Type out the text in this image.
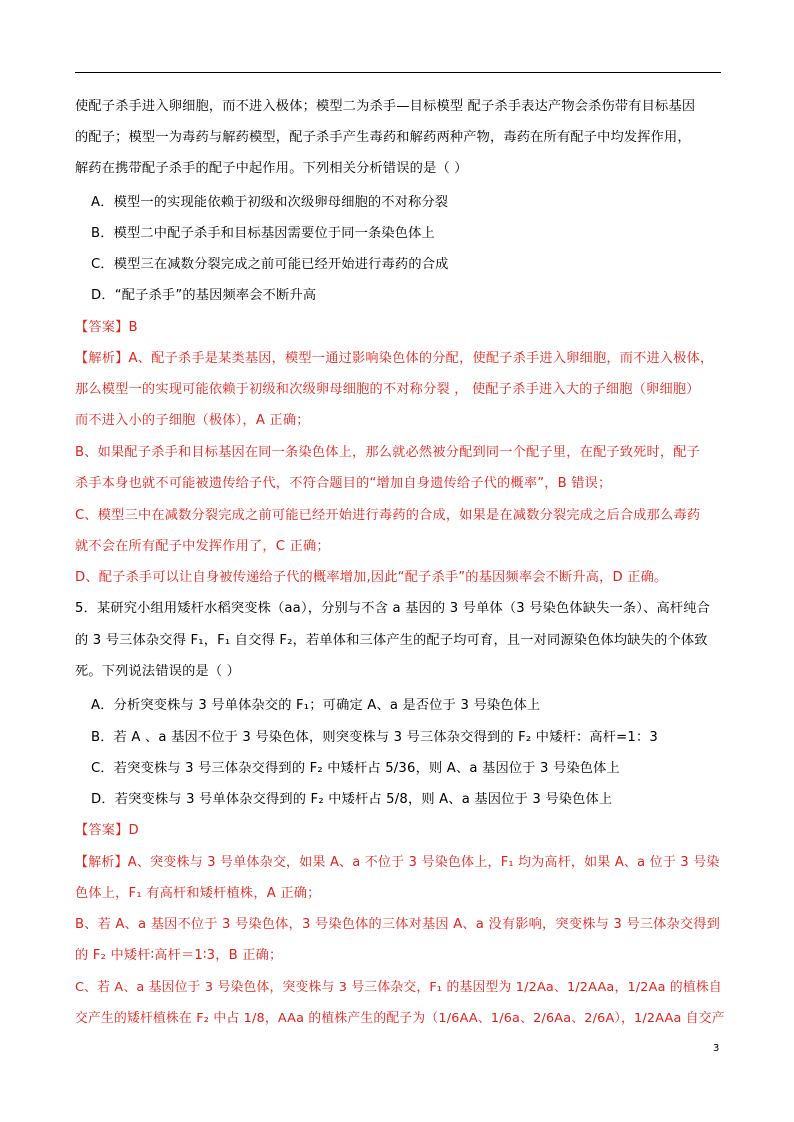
使配子杀手进入卵细胞，而不进入极体；模型二为杀手—目标模型 配子杀手表达产物会杀伤带有目标基因
的配子；模型一为毒药与解药模型，配子杀手产生毒药和解药两种产物，毒药在所有配子中均发挥作用，
解药在携带配子杀手的配子中起作用。下列相关分析错误的是（ ）
A．模型一的实现能依赖于初级和次级卵母细胞的不对称分裂
B．模型二中配子杀手和目标基因需要位于同一条染色体上
C．模型三在减数分裂完成之前可能已经开始进行毒药的合成
D．“配子杀手”的基因频率会不断升高
【答案】B
【解析】A、配子杀手是某类基因，模型一通过影响染色体的分配，使配子杀手进入卵细胞，而不进入极体，
那么模型一的实现可能依赖于初级和次级卵母细胞的不对称分裂 ， 使配子杀手进入大的子细胞（卵细胞）
而不进入小的子细胞（极体），A 正确；
B、如果配子杀手和目标基因在同一条染色体上，那么就必然被分配到同一个配子里，在配子致死时，配子
杀手本身也就不可能被遗传给子代，不符合题目的“增加自身遗传给子代的概率”，B 错误；
C、模型三中在减数分裂完成之前可能已经开始进行毒药的合成，如果是在减数分裂完成之后合成那么毒药
就不会在所有配子中发挥作用了，C 正确；
D、配子杀手可以让自身被传递给子代的概率增加,因此“配子杀手”的基因频率会不断升高，D 正确。
5．某研究小组用矮杆水稻突变株（aa），分别与不含 a 基因的 3 号单体（3 号染色体缺失一条）、高杆纯合
的 3 号三体杂交得 F₁，F₁ 自交得 F₂，若单体和三体产生的配子均可育，且一对同源染色体均缺失的个体致
死。下列说法错误的是（ ）
A．分析突变株与 3 号单体杂交的 F₁；可确定 A、a 是否位于 3 号染色体上
B．若 A 、a 基因不位于 3 号染色体，则突变株与 3 号三体杂交得到的 F₂ 中矮杆：高杆=1：3
C．若突变株与 3 号三体杂交得到的 F₂ 中矮杆占 5/36，则 A、a 基因位于 3 号染色体上
D．若突变株与 3 号单体杂交得到的 F₂ 中矮杆占 5/8，则 A、a 基因位于 3 号染色体上
【答案】D
【解析】A、突变株与 3 号单体杂交，如果 A、a 不位于 3 号染色体上，F₁ 均为高杆，如果 A、a 位于 3 号染
色体上，F₁ 有高杆和矮杆植株，A 正确；
B、若 A、a 基因不位于 3 号染色体，3 号染色体的三体对基因 A、a 没有影响，突变株与 3 号三体杂交得到
的 F₂ 中矮杆∶高杆＝1∶3，B 正确；
C、若 A、a 基因位于 3 号染色体，突变株与 3 号三体杂交，F₁ 的基因型为 1/2Aa、1/2AAa，1/2Aa 的植株自
交产生的矮杆植株在 F₂ 中占 1/8，AAa 的植株产生的配子为（1/6AA、1/6a、2/6Aa、2/6A），1/2AAa 自交产
3
